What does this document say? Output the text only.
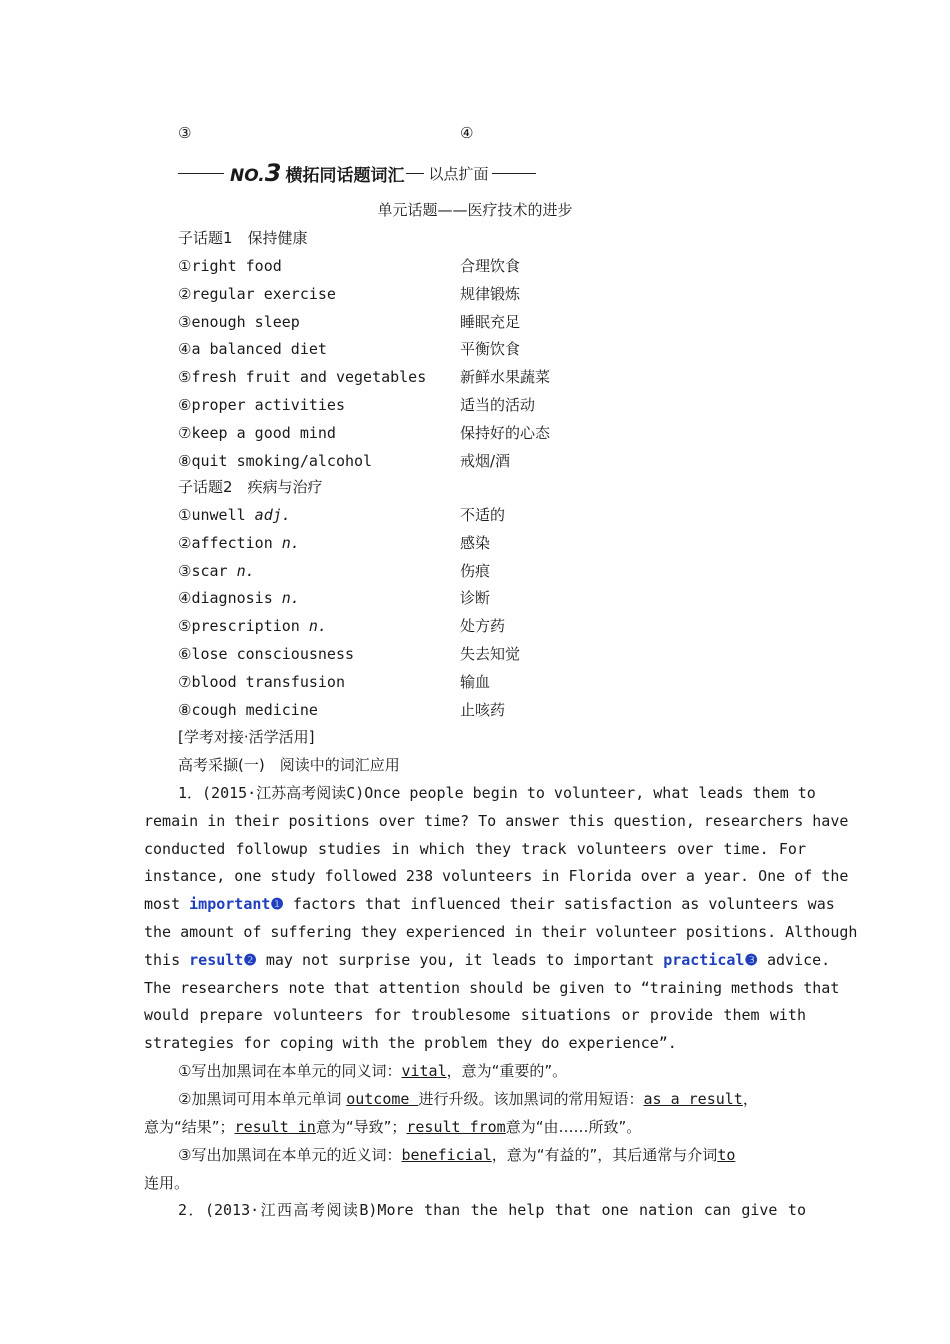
③	④
NO.3 横拓同话题词汇 以点扩面
单元话题——医疗技术的进步
子话题1　保持健康
①right food	合理饮食
②regular exercise	规律锻炼
③enough sleep	睡眠充足
④a balanced diet	平衡饮食
⑤fresh fruit and vegetables 新鲜水果蔬菜
⑥proper activities	适当的活动
⑦keep a good mind	保持好的心态
⑧quit smoking/alcohol	戒烟/酒
子话题2　疾病与治疗
①unwell adj.	不适的
②affection n.	感染
③scar n.	伤痕
④diagnosis n.	诊断
⑤prescription n.	处方药
⑥lose consciousness	失去知觉
⑦blood transfusion	输血
⑧cough medicine	止咳药
[学考对接·活学活用]
高考采撷(一)　阅读中的词汇应用
1．(2015·江苏高考阅读C)Once people begin to volunteer, what leads them to
remain in their positions over time? To answer this question, researchers have
conducted followup studies in which they track volunteers over time. For
instance, one study followed 238 volunteers in Florida over a year. One of the
most important❶ factors that influenced their satisfaction as volunteers was
the amount of suffering they experienced in their volunteer positions. Although
this result❷ may not surprise you, it leads to important practical❸ advice.
The researchers note that attention should be given to “training methods that
would prepare volunteers for troublesome situations or provide them with
strategies for coping with the problem they do experience”.
①写出加黑词在本单元的同义词：vital，意为“重要的”。
②加黑词可用本单元单词 outcome 进行升级。该加黑词的常用短语：as a result，
意为“结果”；result in意为“导致”；result from意为“由……所致”。
③写出加黑词在本单元的近义词：beneficial，意为“有益的”，其后通常与介词to
连用。
2．(2013·江西高考阅读B)More than the help that one nation can give to
